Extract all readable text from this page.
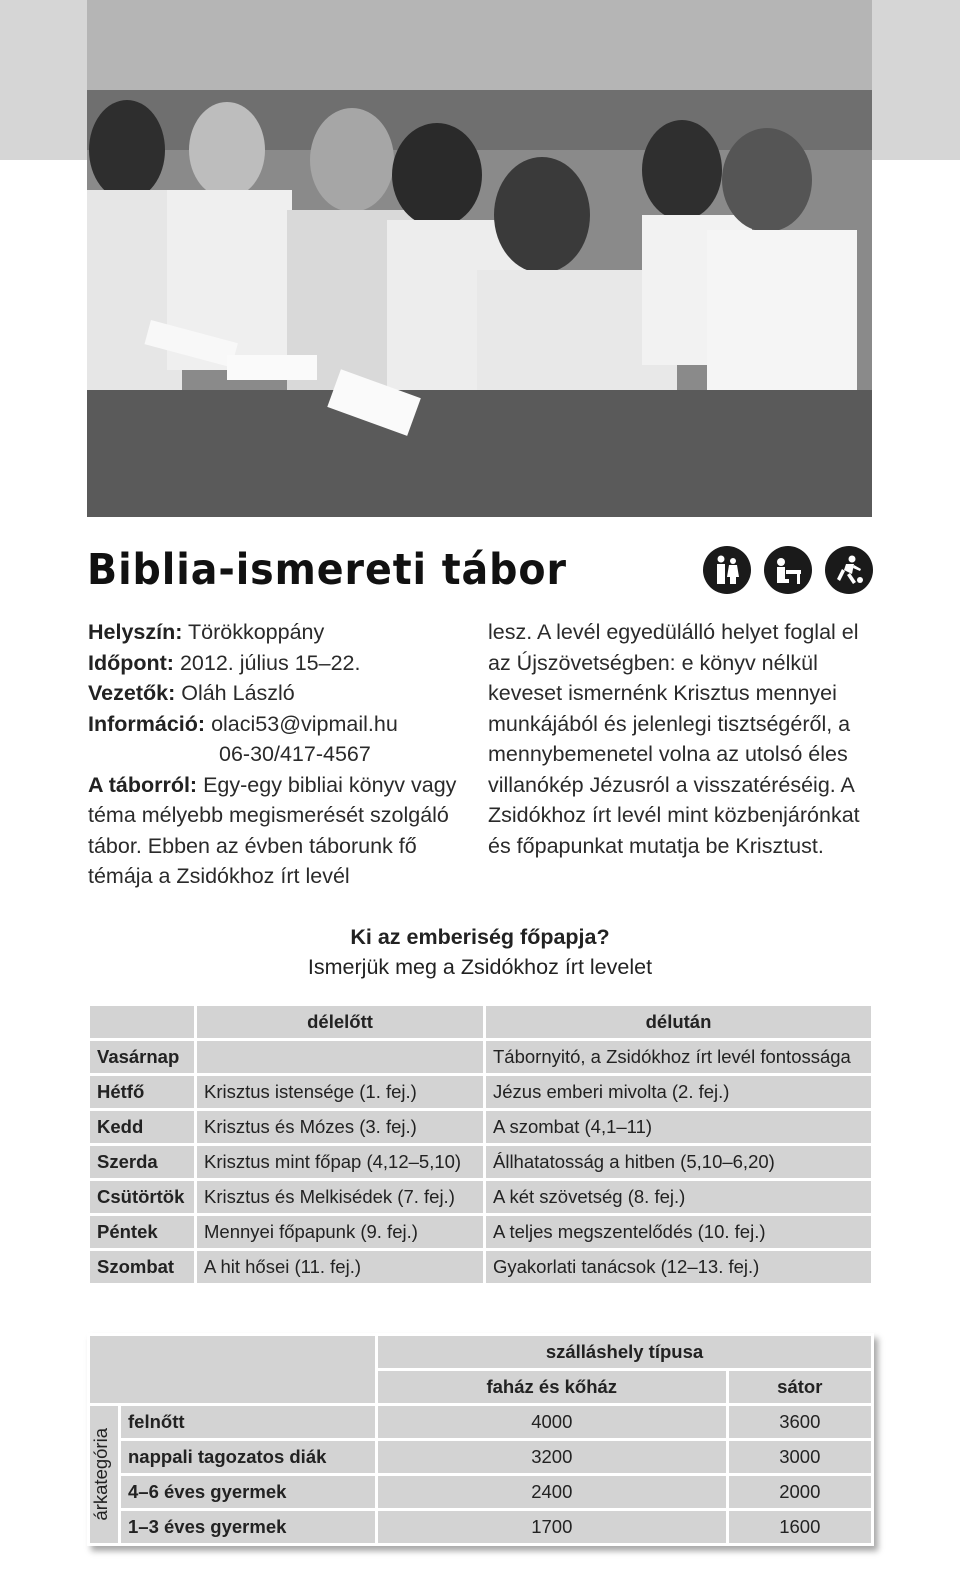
Biblia-ismereti tábor
Helyszín: Törökkoppány
Időpont: 2012. július 15–22.
Vezetők: Oláh László
Információ: olaci53@vipmail.hu
06-30/417-4567
A táborról: Egy-egy bibliai könyv vagy téma mélyebb megismerését szolgáló tábor. Ebben az évben táborunk fő témája a Zsidókhoz írt levél
lesz. A levél egyedülálló helyet foglal el az Újszövetségben: e könyv nélkül keveset ismernénk Krisztus mennyei munkájából és jelenlegi tisztségéről, a mennybemenetel volna az utolsó éles villanókép Jézusról a visszatéréséig. A Zsidókhoz írt levél mint közbenjárónkat és főpapunkat mutatja be Krisztust.
Ki az emberiség főpapja?
Ismerjük meg a Zsidókhoz írt levelet
	délelőtt	délután
Vasárnap		Tábornyitó, a Zsidókhoz írt levél fontossága
Hétfő	Krisztus istensége (1. fej.)	Jézus emberi mivolta (2. fej.)
Kedd	Krisztus és Mózes (3. fej.)	A szombat (4,1–11)
Szerda	Krisztus mint főpap (4,12–5,10)	Állhatatosság a hitben (5,10–6,20)
Csütörtök	Krisztus és Melkisédek (7. fej.)	A két szövetség (8. fej.)
Péntek	Mennyei főpapunk (9. fej.)	A teljes megszentelődés (10. fej.)
Szombat	A hit hősei (11. fej.)	Gyakorlati tanácsok (12–13. fej.)
		szálláshely típusa	
		faház és kőház	sátor

árkategória	felnőtt	4000	3600
	nappali tagozatos diák	3200	3000
	4–6 éves gyermek	2400	2000
	1–3 éves gyermek	1700	1600
